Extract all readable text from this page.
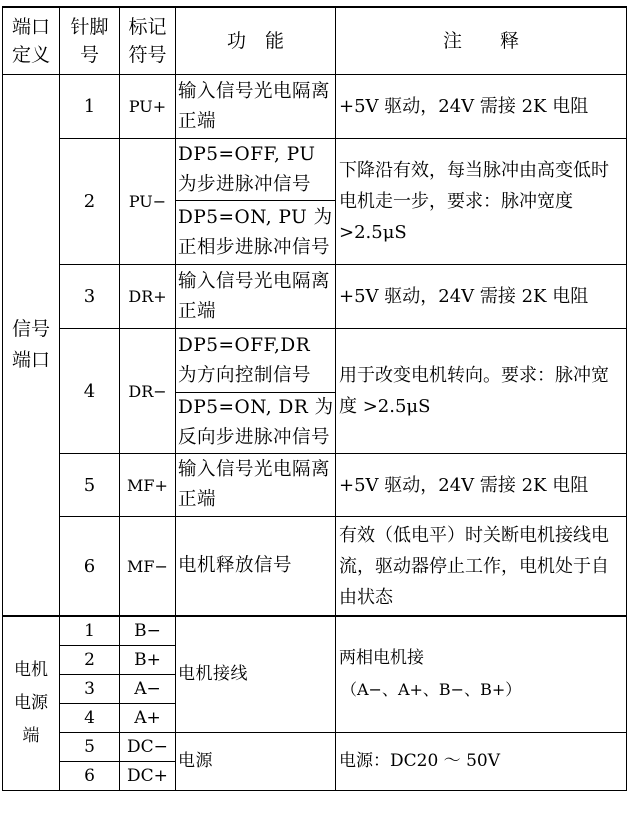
端口定义	针脚号	标记符号	功　能	注　　释

信号端口	1	PU+	输入信号光电隔离正端	+5V 驱动，24V 需接 2K 电阻
	2	PU−	DP5=OFF, PU 为步进脉冲信号	下降沿有效，每当脉冲由高变低时电机走一步，要求：脉冲宽度 >2.5μS
			DP5=ON, PU 为正相步进脉冲信号	
	3	DR+	输入信号光电隔离正端	+5V 驱动，24V 需接 2K 电阻
	4	DR−	DP5=OFF,DR 为方向控制信号	用于改变电机转向。要求：脉冲宽度 >2.5μS
			DP5=ON, DR 为反向步进脉冲信号	
	5	MF+	输入信号光电隔离正端	+5V 驱动，24V 需接 2K 电阻
	6	MF−	电机释放信号	有效（低电平）时关断电机接线电流，驱动器停止工作，电机处于自由状态

电机电源端	1	B−	电机接线	两相电机接
（A−、A+、B−、B+）

	2	B+		
	3	A−		
	4	A+		
	5	DC−	电源	电源：DC20 ～ 50V
	6	DC+		
